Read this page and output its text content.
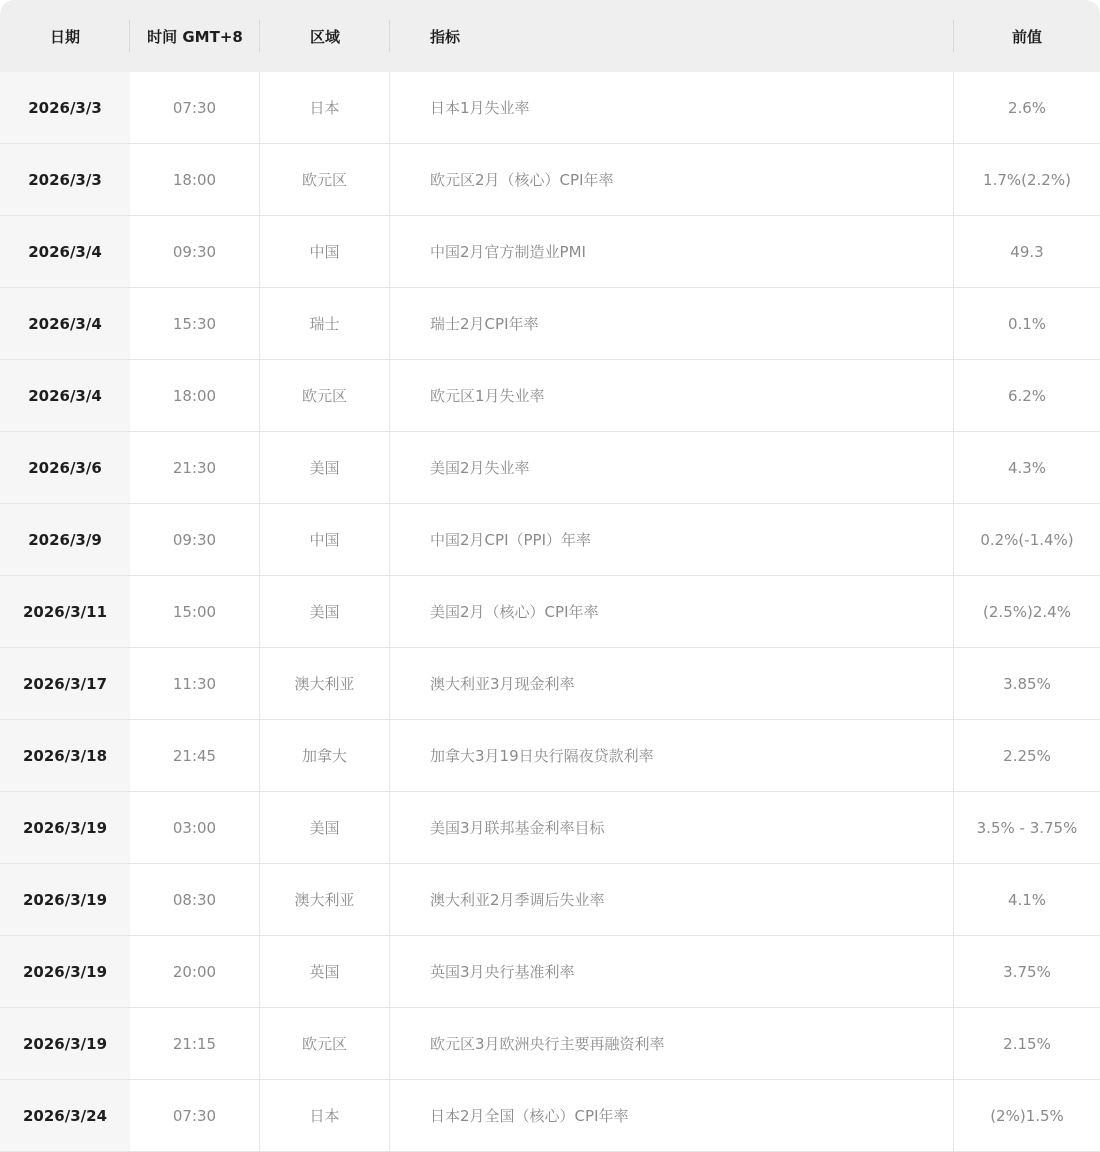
日期	时间 GMT+8	区域	指标	前值
2026/3/3	07:30	日本	日本1月失业率	2.6%
2026/3/3	18:00	欧元区	欧元区2月（核心）CPI年率	1.7%(2.2%)
2026/3/4	09:30	中国	中国2月官方制造业PMI	49.3
2026/3/4	15:30	瑞士	瑞士2月CPI年率	0.1%
2026/3/4	18:00	欧元区	欧元区1月失业率	6.2%
2026/3/6	21:30	美国	美国2月失业率	4.3%
2026/3/9	09:30	中国	中国2月CPI（PPI）年率	0.2%(-1.4%)
2026/3/11	15:00	美国	美国2月（核心）CPI年率	(2.5%)2.4%
2026/3/17	11:30	澳大利亚	澳大利亚3月现金利率	3.85%
2026/3/18	21:45	加拿大	加拿大3月19日央行隔夜贷款利率	2.25%
2026/3/19	03:00	美国	美国3月联邦基金利率目标	3.5% - 3.75%
2026/3/19	08:30	澳大利亚	澳大利亚2月季调后失业率	4.1%
2026/3/19	20:00	英国	英国3月央行基准利率	3.75%
2026/3/19	21:15	欧元区	欧元区3月欧洲央行主要再融资利率	2.15%
2026/3/24	07:30	日本	日本2月全国（核心）CPI年率	(2%)1.5%
